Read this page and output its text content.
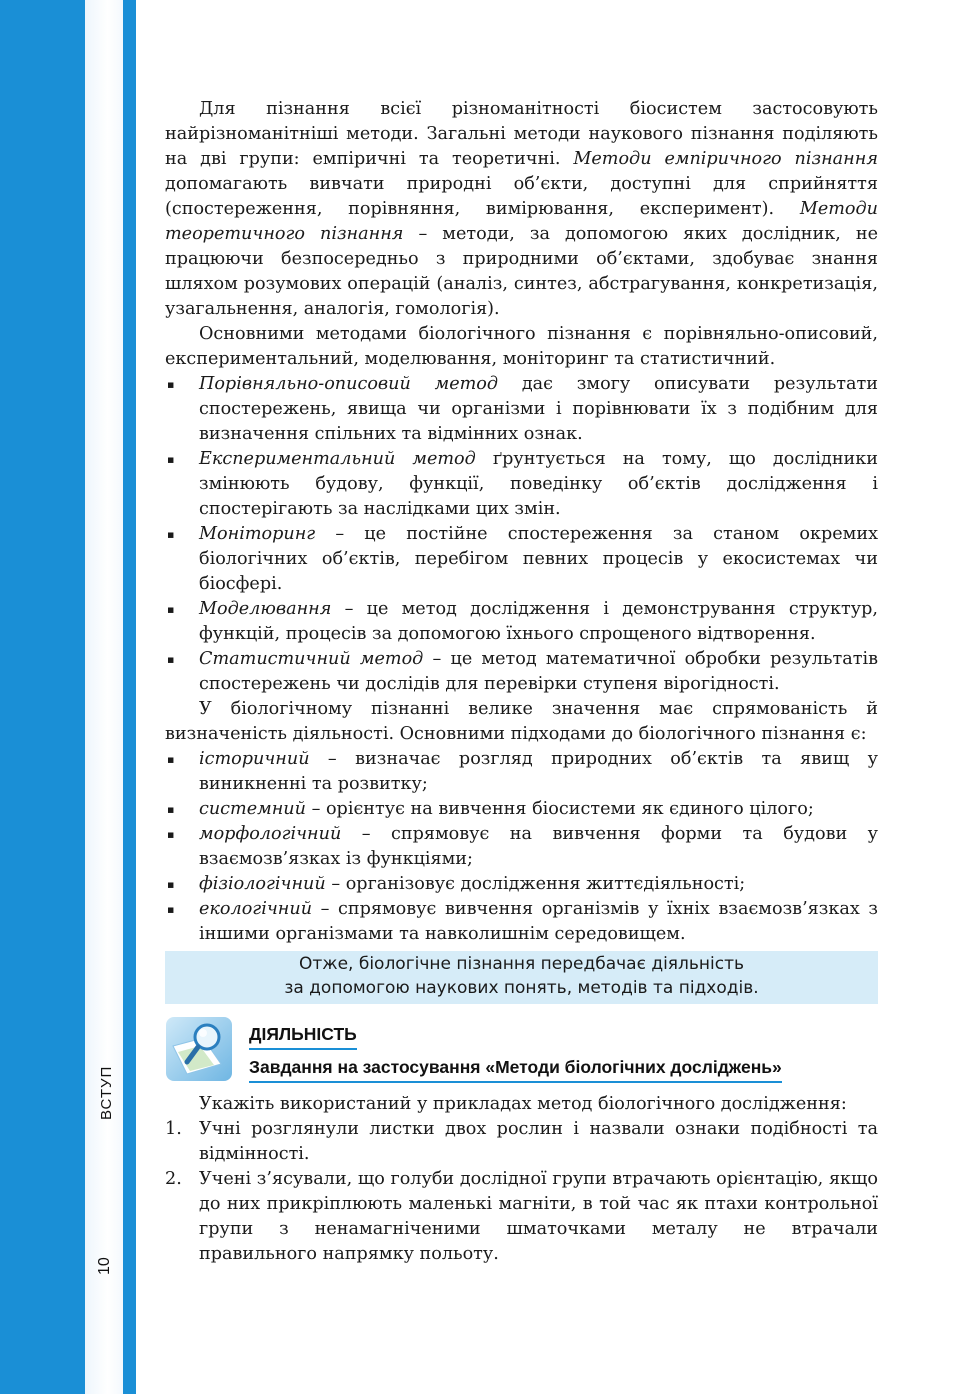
ВСТУП
10

Для пізнання всієї різноманітності біосистем застосовують найрізноманітніші методи. Загальні методи наукового пізнання поділяють на дві групи: емпіричні та теоретичні. Методи емпіричного пізнання допомагають вивчати природні об’єкти, доступні для сприйняття (спостереження, порівняння, вимірювання, експеримент). Методи теоретичного пізнання – методи, за допомогою яких дослідник, не працюючи безпосередньо з природними об’єктами, здобуває знання шляхом розумових операцій (аналіз, синтез, абстрагування, конкретизація, узагальнення, аналогія, гомологія).

Основними методами біологічного пізнання є порівняльно-описовий, експериментальний, моделювання, моніторинг та статистичний.

▪ Порівняльно-описовий метод дає змогу описувати результати спостережень, явища чи організми і порівнювати їх з подібним для визначення спільних та відмінних ознак.
▪ Експериментальний метод ґрунтується на тому, що дослідники змінюють будову, функції, поведінку об’єктів дослідження і спостерігають за наслідками цих змін.
▪ Моніторинг – це постійне спостереження за станом окремих біологічних об’єктів, перебігом певних процесів у екосистемах чи біосфері.
▪ Моделювання – це метод дослідження і демонстрування структур, функцій, процесів за допомогою їхнього спрощеного відтворення.
▪ Статистичний метод – це метод математичної обробки результатів спостережень чи дослідів для перевірки ступеня вірогідності.

У біологічному пізнанні велике значення має спрямованість й визначеність діяльності. Основними підходами до біологічного пізнання є:

▪ історичний – визначає розгляд природних об’єктів та явищ у виникненні та розвитку;
▪ системний – орієнтує на вивчення біосистеми як єдиного цілого;
▪ морфологічний – спрямовує на вивчення форми та будови у взаємозв’язках із функціями;
▪ фізіологічний – організовує дослідження життєдіяльності;
▪ екологічний – спрямовує вивчення організмів у їхніх взаємозв’язках з іншими організмами та навколишнім середовищем.
Отже, біологічне пізнання передбачає діяльність
за допомогою наукових понять, методів та підходів.
ДІЯЛЬНІСТЬ
Завдання на застосування «Методи біологічних досліджень»

Укажіть використаний у прикладах метод біологічного дослідження:

1. Учні розглянули листки двох рослин і назвали ознаки подібності та відмінності.
2. Учені з’ясували, що голуби дослідної групи втрачають орієнтацію, якщо до них прикріплюють маленькі магніти, в той час як птахи контрольної групи з ненамагніченими шматочками металу не втрачали правильного напрямку польоту.
